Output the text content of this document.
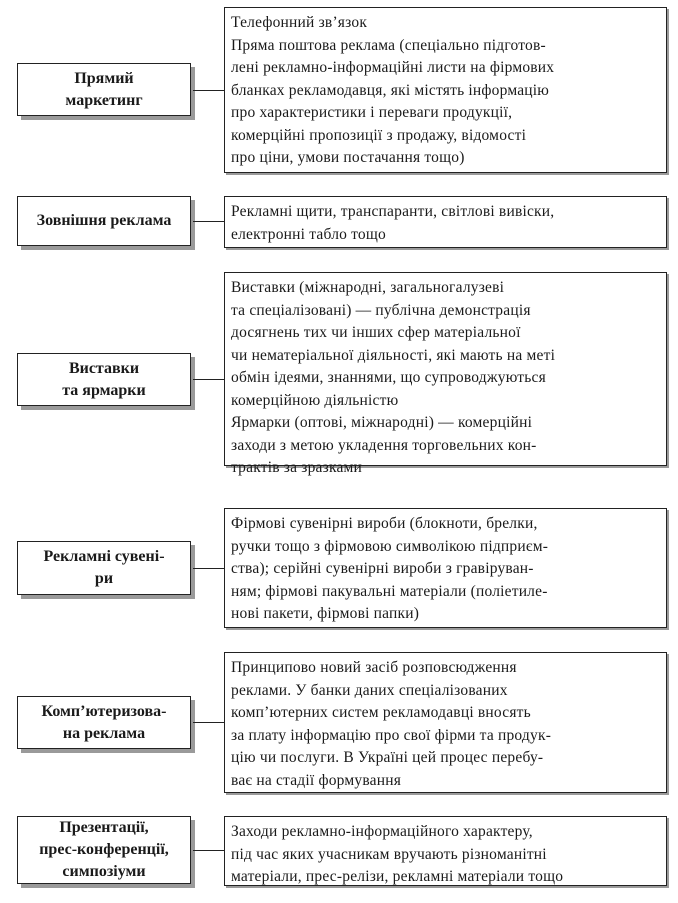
Прямий
маркетинг
Телефонний зв’язок
Пряма поштова реклама (спеціально підготов-
лені рекламно-інформаційні листи на фірмових
бланках рекламодавця, які містять інформацію
про характеристики і переваги продукції,
комерційні пропозиції з продажу, відомості
про ціни, умови постачання тощо)
Зовнішня реклама
Рекламні щити, транспаранти, світлові вивіски,
електронні табло тощо
Виставки
та ярмарки
Виставки (міжнародні, загальногалузеві
та спеціалізовані) — публічна демонстрація
досягнень тих чи інших сфер матеріальної
чи нематеріальної діяльності, які мають на меті
обмін ідеями, знаннями, що супроводжуються
комерційною діяльністю
Ярмарки (оптові, міжнародні) — комерційні
заходи з метою укладення торговельних кон-
трактів за зразками
Рекламні сувені-
ри
Фірмові сувенірні вироби (блокноти, брелки,
ручки тощо з фірмовою символікою підприєм-
ства); серійні сувенірні вироби з гравіруван-
ням; фірмові пакувальні матеріали (поліетиле-
нові пакети, фірмові папки)
Комп’ютеризова-
на реклама
Принципово новий засіб розповсюдження
реклами. У банки даних спеціалізованих
комп’ютерних систем рекламодавці вносять
за плату інформацію про свої фірми та продук-
цію чи послуги. В Україні цей процес перебу-
ває на стадії формування
Презентації,
прес-конференції,
симпозіуми
Заходи рекламно-інформаційного характеру,
під час яких учасникам вручають різноманітні
матеріали, прес-релізи, рекламні матеріали тощо
